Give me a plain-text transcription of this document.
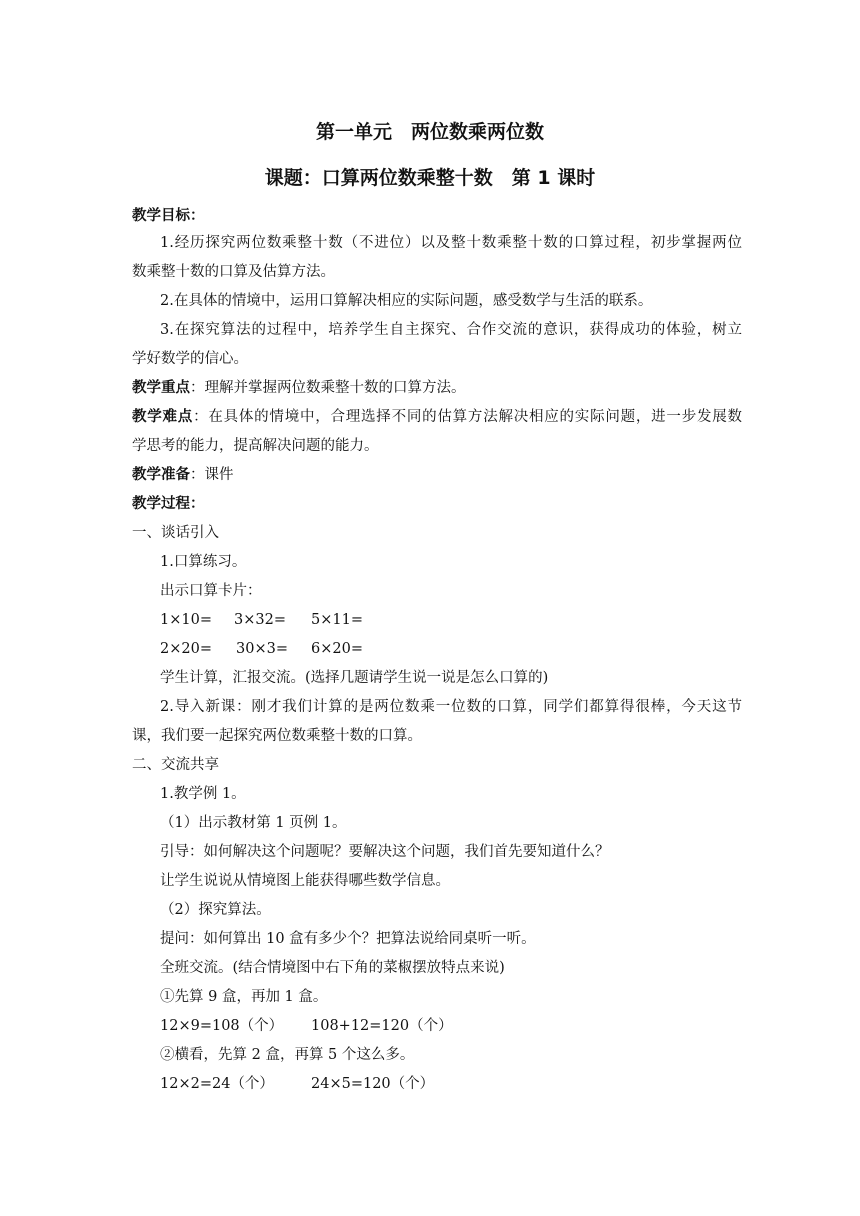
第一单元　两位数乘两位数
课题：口算两位数乘整十数　第 1 课时
教学目标：
1.经历探究两位数乘整十数（不进位）以及整十数乘整十数的口算过程，初步掌握两位
数乘整十数的口算及估算方法。
2.在具体的情境中，运用口算解决相应的实际问题，感受数学与生活的联系。
3.在探究算法的过程中，培养学生自主探究、合作交流的意识，获得成功的体验，树立
学好数学的信心。
教学重点：理解并掌握两位数乘整十数的口算方法。
教学难点：在具体的情境中，合理选择不同的估算方法解决相应的实际问题，进一步发展数
学思考的能力，提高解决问题的能力。
教学准备：课件
教学过程：
一、谈话引入
1.口算练习。
出示口算卡片：
1×10= 3×32= 5×11=
2×20= 30×3= 6×20=
学生计算，汇报交流。(选择几题请学生说一说是怎么口算的)
2.导入新课：刚才我们计算的是两位数乘一位数的口算，同学们都算得很棒，今天这节
课，我们要一起探究两位数乘整十数的口算。
二、交流共享
1.教学例 1。
（1）出示教材第 1 页例 1。
引导：如何解决这个问题呢？要解决这个问题，我们首先要知道什么？
让学生说说从情境图上能获得哪些数学信息。
（2）探究算法。
提问：如何算出 10 盒有多少个？把算法说给同桌听一听。
全班交流。(结合情境图中右下角的菜椒摆放特点来说)
①先算 9 盒，再加 1 盒。
12×9=108（个） 108+12=120（个）
②横看，先算 2 盒，再算 5 个这么多。
12×2=24（个）	24×5=120（个）
